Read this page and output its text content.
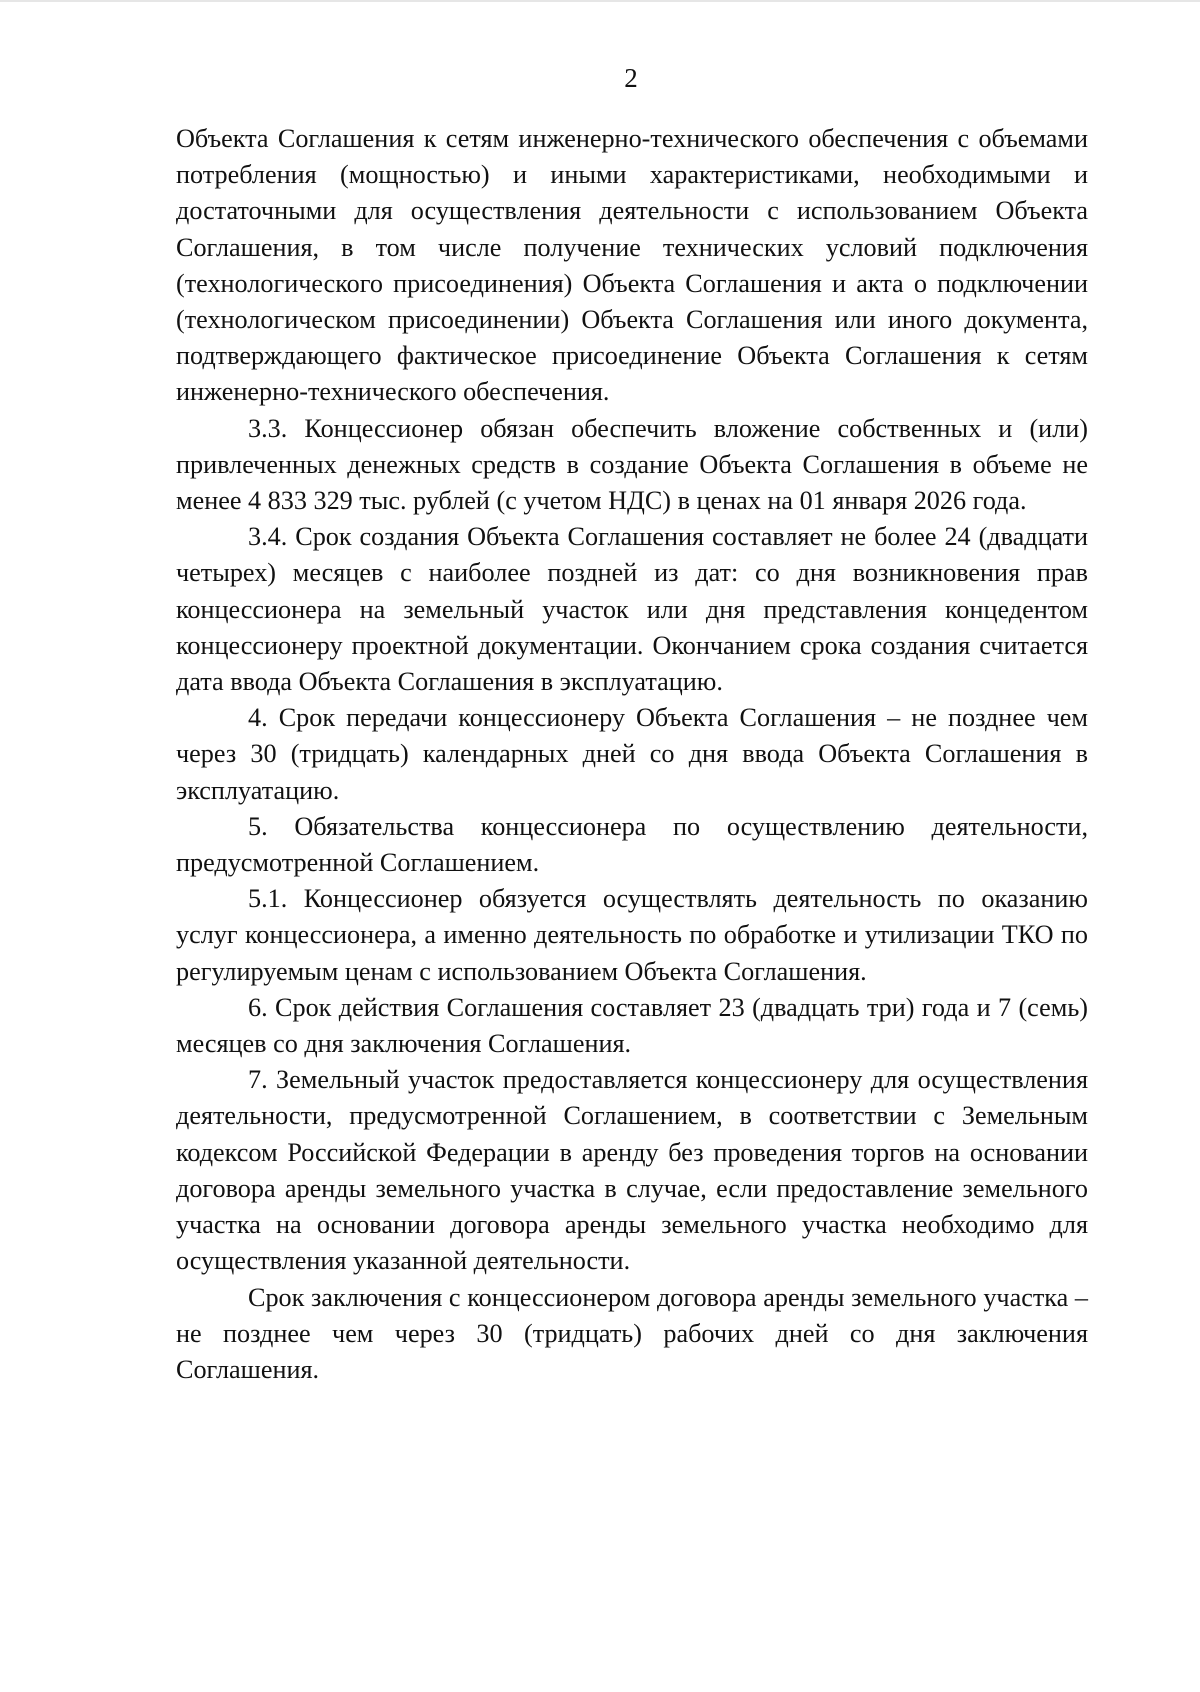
2

Объекта Соглашения к сетям инженерно-технического обеспечения с объемами потребления (мощностью) и иными характеристиками, необходимыми и достаточными для осуществления деятельности с использованием Объекта Соглашения, в том числе получение технических условий подключения (технологического присоединения) Объекта Соглашения и акта о подключении (технологическом присоединении) Объекта Соглашения или иного документа, подтверждающего фактическое присоединение Объекта Соглашения к сетям инженерно-технического обеспечения.

3.3. Концессионер обязан обеспечить вложение собственных и (или) привлеченных денежных средств в создание Объекта Соглашения в объеме не менее 4 833 329 тыс. рублей (с учетом НДС) в ценах на 01 января 2026 года.

3.4. Срок создания Объекта Соглашения составляет не более 24 (двадцати четырех) месяцев с наиболее поздней из дат: со дня возникновения прав концессионера на земельный участок или дня представления концедентом концессионеру проектной документации. Окончанием срока создания считается дата ввода Объекта Соглашения в эксплуатацию.

4. Срок передачи концессионеру Объекта Соглашения – не позднее чем через 30 (тридцать) календарных дней со дня ввода Объекта Соглашения в эксплуатацию.

5. Обязательства концессионера по осуществлению деятельности, предусмотренной Соглашением.

5.1. Концессионер обязуется осуществлять деятельность по оказанию услуг концессионера, а именно деятельность по обработке и утилизации ТКО по регулируемым ценам с использованием Объекта Соглашения.

6. Срок действия Соглашения составляет 23 (двадцать три) года и 7 (семь) месяцев со дня заключения Соглашения.

7. Земельный участок предоставляется концессионеру для осуществления деятельности, предусмотренной Соглашением, в соответствии с Земельным кодексом Российской Федерации в аренду без проведения торгов на основании договора аренды земельного участка в случае, если предоставление земельного участка на основании договора аренды земельного участка необходимо для осуществления указанной деятельности.

Срок заключения с концессионером договора аренды земельного участка – не позднее чем через 30 (тридцать) рабочих дней со дня заключения Соглашения.
